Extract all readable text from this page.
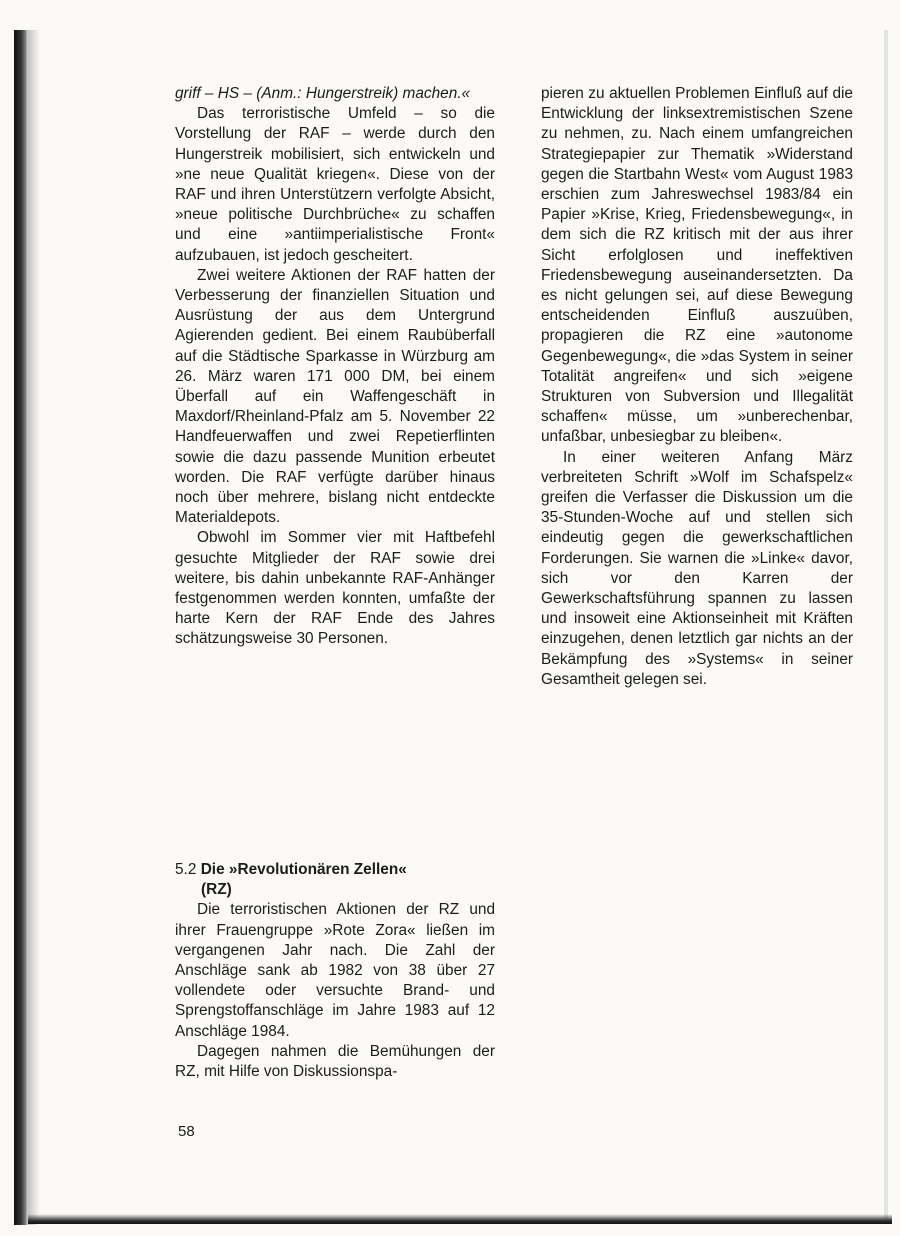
griff – HS – (Anm.: Hungerstreik) machen.«

Das terroristische Umfeld – so die Vorstellung der RAF – werde durch den Hungerstreik mobilisiert, sich entwickeln und »ne neue Qualität kriegen«. Diese von der RAF und ihren Unterstützern verfolgte Absicht, »neue politische Durchbrüche« zu schaffen und eine »antiimperialistische Front« aufzubauen, ist jedoch gescheitert.

Zwei weitere Aktionen der RAF hatten der Verbesserung der finanziellen Situation und Ausrüstung der aus dem Untergrund Agierenden gedient. Bei einem Raubüberfall auf die Städtische Sparkasse in Würzburg am 26. März waren 171 000 DM, bei einem Überfall auf ein Waffengeschäft in Maxdorf/Rheinland-Pfalz am 5. November 22 Handfeuerwaffen und zwei Repetierflinten sowie die dazu passende Munition erbeutet worden. Die RAF verfügte darüber hinaus noch über mehrere, bislang nicht entdeckte Materialdepots.

Obwohl im Sommer vier mit Haftbefehl gesuchte Mitglieder der RAF sowie drei weitere, bis dahin unbekannte RAF-Anhänger festgenommen werden konnten, umfaßte der harte Kern der RAF Ende des Jahres schätzungsweise 30 Personen.

pieren zu aktuellen Problemen Einfluß auf die Entwicklung der linksextremistischen Szene zu nehmen, zu. Nach einem umfangreichen Strategiepapier zur Thematik »Widerstand gegen die Startbahn West« vom August 1983 erschien zum Jahreswechsel 1983/84 ein Papier »Krise, Krieg, Friedensbewegung«, in dem sich die RZ kritisch mit der aus ihrer Sicht erfolglosen und ineffektiven Friedensbewegung auseinandersetzten. Da es nicht gelungen sei, auf diese Bewegung entscheidenden Einfluß auszuüben, propagieren die RZ eine »autonome Gegenbewegung«, die »das System in seiner Totalität angreifen« und sich »eigene Strukturen von Subversion und Illegalität schaffen« müsse, um »unberechenbar, unfaßbar, unbesiegbar zu bleiben«.

In einer weiteren Anfang März verbreiteten Schrift »Wolf im Schafspelz« greifen die Verfasser die Diskussion um die 35-Stunden-Woche auf und stellen sich eindeutig gegen die gewerkschaftlichen Forderungen. Sie warnen die »Linke« davor, sich vor den Karren der Gewerkschaftsführung spannen zu lassen und insoweit eine Aktionseinheit mit Kräften einzugehen, denen letztlich gar nichts an der Bekämpfung des »Systems« in seiner Gesamtheit gelegen sei.

5.2 Die »Revolutionären Zellen«
(RZ)

Die terroristischen Aktionen der RZ und ihrer Frauengruppe »Rote Zora« ließen im vergangenen Jahr nach. Die Zahl der Anschläge sank ab 1982 von 38 über 27 vollendete oder versuchte Brand- und Sprengstoffanschläge im Jahre 1983 auf 12 Anschläge 1984.

Dagegen nahmen die Bemühungen der RZ, mit Hilfe von Diskussionspa-

58
